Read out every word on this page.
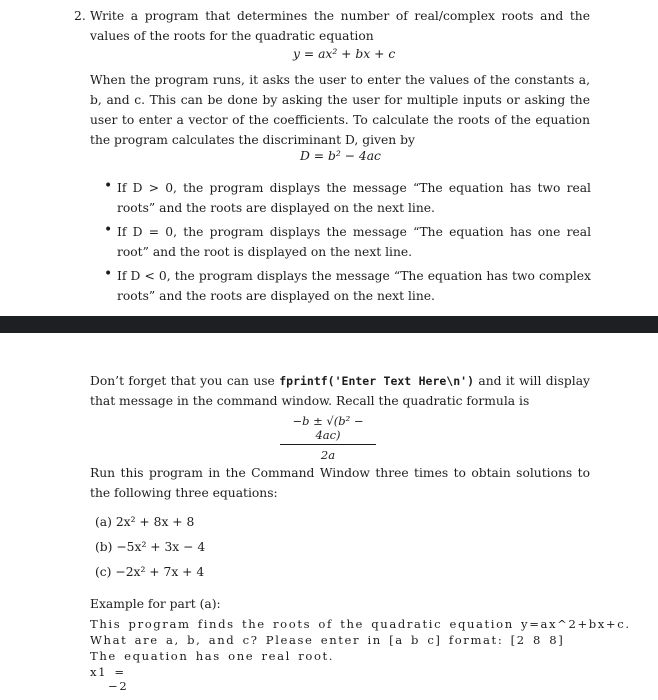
2. Write a program that determines the number of real/complex roots and the values of the roots for the quadratic equation
y = ax² + bx + c
When the program runs, it asks the user to enter the values of the constants a, b, and c. This can be done by asking the user for multiple inputs or asking the user to enter a vector of the coefficients. To calculate the roots of the equation the program calculates the discriminant D, given by
D = b² − 4ac
• If D > 0, the program displays the message “The equation has two real roots” and the roots are displayed on the next line.
• If D = 0, the program displays the message “The equation has one real root” and the root is displayed on the next line.
• If D < 0, the program displays the message “The equation has two complex roots” and the roots are displayed on the next line.
Don’t forget that you can use fprintf('Enter Text Here\n') and it will display that message in the command window. Recall the quadratic formula is
$\frac{\text{−b ± √(b² − 4ac)}}{2a}$
Run this program in the Command Window three times to obtain solutions to the following three equations:
(a) 2x² + 8x + 8
(b) −5x² + 3x − 4
(c) −2x² + 7x + 4
Example for part (a):
This program finds the roots of the quadratic equation y=ax^2+bx+c.
What are a, b, and c? Please enter in [a b c] format: [2 8 8]
The equation has one real root.
x1 =
−2
